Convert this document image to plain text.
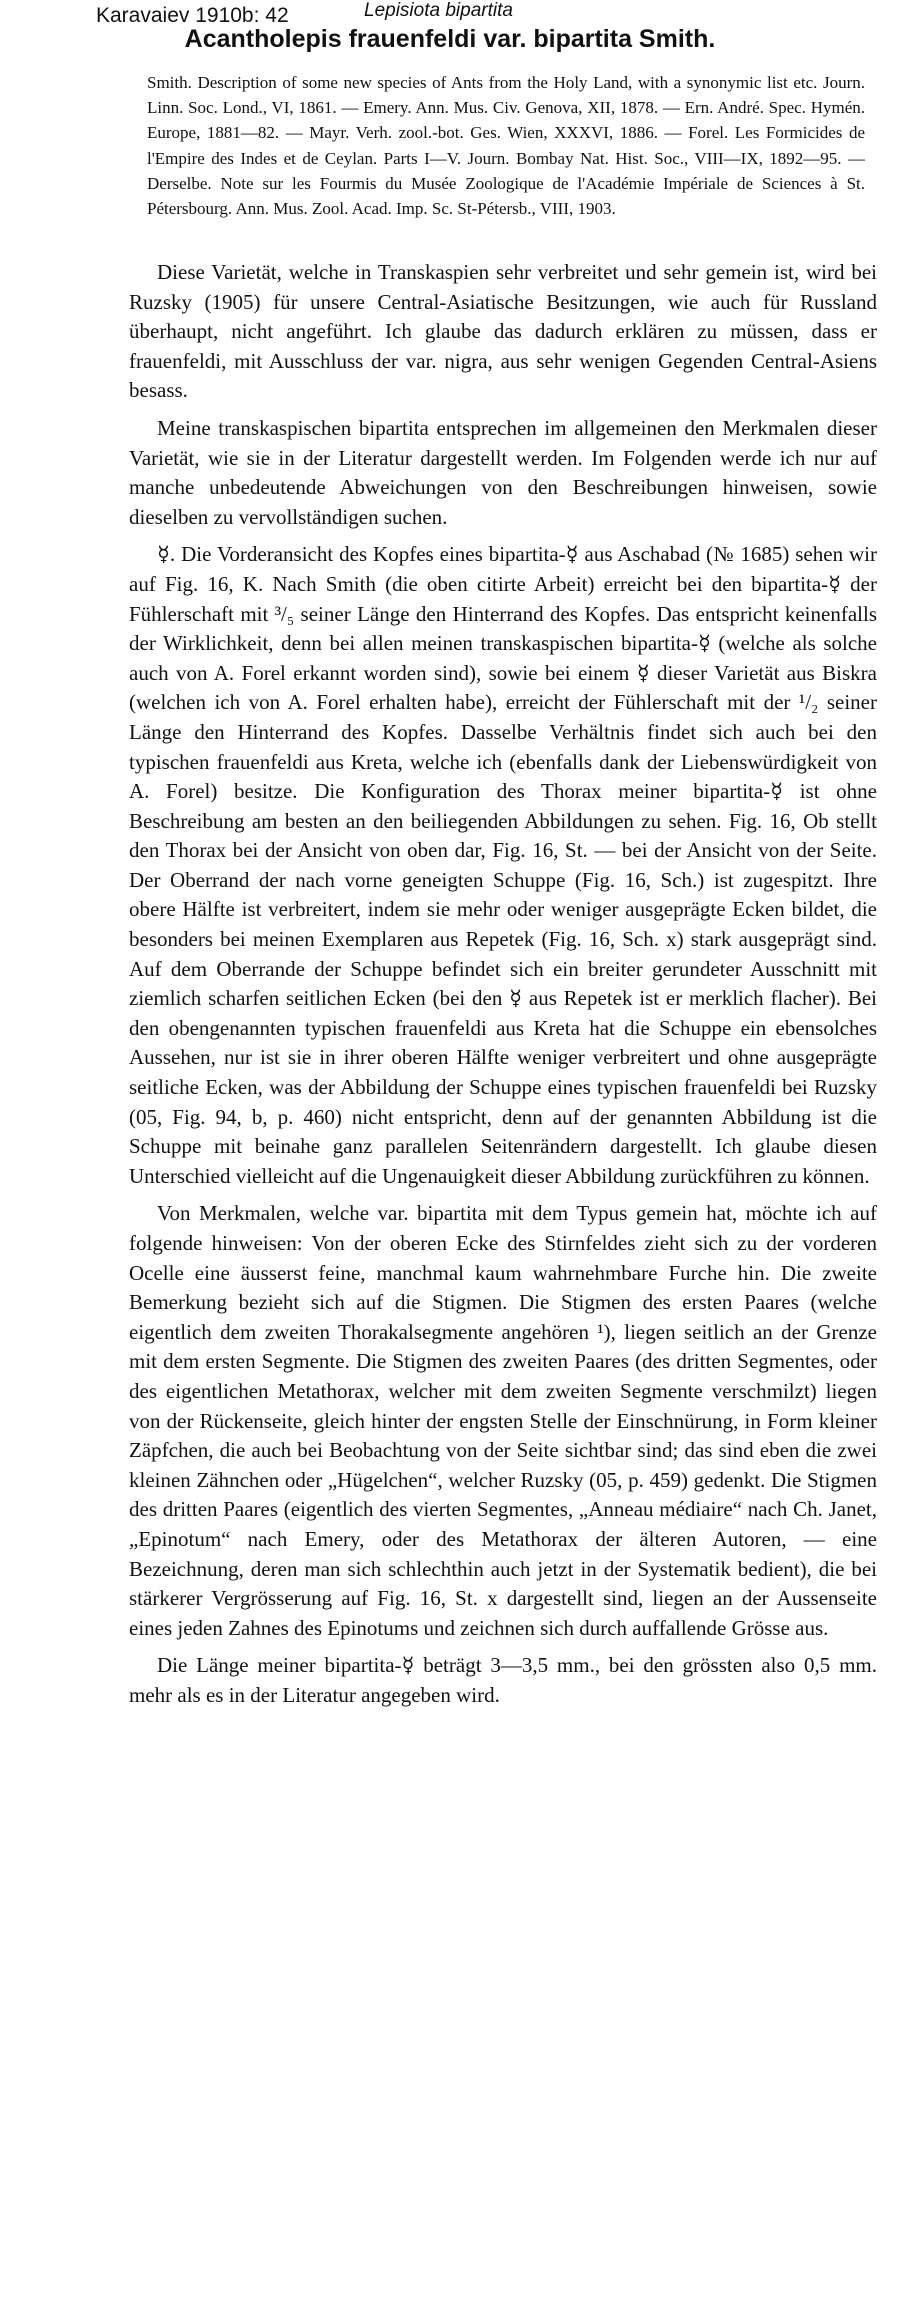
Karavaiev 1910b: 42	Lepisiota bipartita
Acantholepis frauenfeldi var. bipartita Smith.
Smith. Description of some new species of Ants from the Holy Land, with a synonymic list etc. Journ. Linn. Soc. Lond., VI, 1861. — Emery. Ann. Mus. Civ. Genova, XII, 1878. — Ern. André. Spec. Hymén. Europe, 1881—82. — Mayr. Verh. zool.-bot. Ges. Wien, XXXVI, 1886. — Forel. Les Formicides de l'Empire des Indes et de Ceylan. Parts I—V. Journ. Bombay Nat. Hist. Soc., VIII—IX, 1892—95. — Derselbe. Note sur les Fourmis du Musée Zoologique de l'Académie Impériale de Sciences à St. Pétersbourg. Ann. Mus. Zool. Acad. Imp. Sc. St-Pétersb., VIII, 1903.

Diese Varietät, welche in Transkaspien sehr verbreitet und sehr gemein ist, wird bei Ruzsky (1905) für unsere Central-Asiatische Besitzungen, wie auch für Russland überhaupt, nicht angeführt. Ich glaube das dadurch erklären zu müssen, dass er frauenfeldi, mit Ausschluss der var. nigra, aus sehr wenigen Gegenden Central-Asiens besass.

Meine transkaspischen bipartita entsprechen im allgemeinen den Merkmalen dieser Varietät, wie sie in der Literatur dargestellt werden. Im Folgenden werde ich nur auf manche unbedeutende Abweichungen von den Beschreibungen hinweisen, sowie dieselben zu vervollständigen suchen.

☿. Die Vorderansicht des Kopfes eines bipartita-☿ aus Aschabad (№ 1685) sehen wir auf Fig. 16, K. Nach Smith (die oben citirte Arbeit) erreicht bei den bipartita-☿ der Fühlerschaft mit ³/₅ seiner Länge den Hinterrand des Kopfes. Das entspricht keinenfalls der Wirklichkeit, denn bei allen meinen transkaspischen bipartita-☿ (welche als solche auch von A. Forel erkannt worden sind), sowie bei einem ☿ dieser Varietät aus Biskra (welchen ich von A. Forel erhalten habe), erreicht der Fühlerschaft mit der ¹/₂ seiner Länge den Hinterrand des Kopfes. Dasselbe Verhältnis findet sich auch bei den typischen frauenfeldi aus Kreta, welche ich (ebenfalls dank der Liebenswürdigkeit von A. Forel) besitze. Die Konfiguration des Thorax meiner bipartita-☿ ist ohne Beschreibung am besten an den beiliegenden Abbildungen zu sehen. Fig. 16, Ob stellt den Thorax bei der Ansicht von oben dar, Fig. 16, St. — bei der Ansicht von der Seite. Der Oberrand der nach vorne geneigten Schuppe (Fig. 16, Sch.) ist zugespitzt. Ihre obere Hälfte ist verbreitert, indem sie mehr oder weniger ausgeprägte Ecken bildet, die besonders bei meinen Exemplaren aus Repetek (Fig. 16, Sch. x) stark ausgeprägt sind. Auf dem Oberrande der Schuppe befindet sich ein breiter gerundeter Ausschnitt mit ziemlich scharfen seitlichen Ecken (bei den ☿ aus Repetek ist er merklich flacher). Bei den obengenannten typischen frauenfeldi aus Kreta hat die Schuppe ein ebensolches Aussehen, nur ist sie in ihrer oberen Hälfte weniger verbreitert und ohne ausgeprägte seitliche Ecken, was der Abbildung der Schuppe eines typischen frauenfeldi bei Ruzsky (05, Fig. 94, b, p. 460) nicht entspricht, denn auf der genannten Abbildung ist die Schuppe mit beinahe ganz parallelen Seitenrändern dargestellt. Ich glaube diesen Unterschied vielleicht auf die Ungenauigkeit dieser Abbildung zurückführen zu können.

Von Merkmalen, welche var. bipartita mit dem Typus gemein hat, möchte ich auf folgende hinweisen: Von der oberen Ecke des Stirnfeldes zieht sich zu der vorderen Ocelle eine äusserst feine, manchmal kaum wahrnehmbare Furche hin. Die zweite Bemerkung bezieht sich auf die Stigmen. Die Stigmen des ersten Paares (welche eigentlich dem zweiten Thorakalsegmente angehören ¹), liegen seitlich an der Grenze mit dem ersten Segmente. Die Stigmen des zweiten Paares (des dritten Segmentes, oder des eigentlichen Metathorax, welcher mit dem zweiten Segmente verschmilzt) liegen von der Rückenseite, gleich hinter der engsten Stelle der Einschnürung, in Form kleiner Zäpfchen, die auch bei Beobachtung von der Seite sichtbar sind; das sind eben die zwei kleinen Zähnchen oder „Hügelchen“, welcher Ruzsky (05, p. 459) gedenkt. Die Stigmen des dritten Paares (eigentlich des vierten Segmentes, „Anneau médiaire“ nach Ch. Janet, „Epinotum“ nach Emery, oder des Metathorax der älteren Autoren, — eine Bezeichnung, deren man sich schlechthin auch jetzt in der Systematik bedient), die bei stärkerer Vergrösserung auf Fig. 16, St. x dargestellt sind, liegen an der Aussenseite eines jeden Zahnes des Epinotums und zeichnen sich durch auffallende Grösse aus.

Die Länge meiner bipartita-☿ beträgt 3—3,5 mm., bei den grössten also 0,5 mm. mehr als es in der Literatur angegeben wird.
